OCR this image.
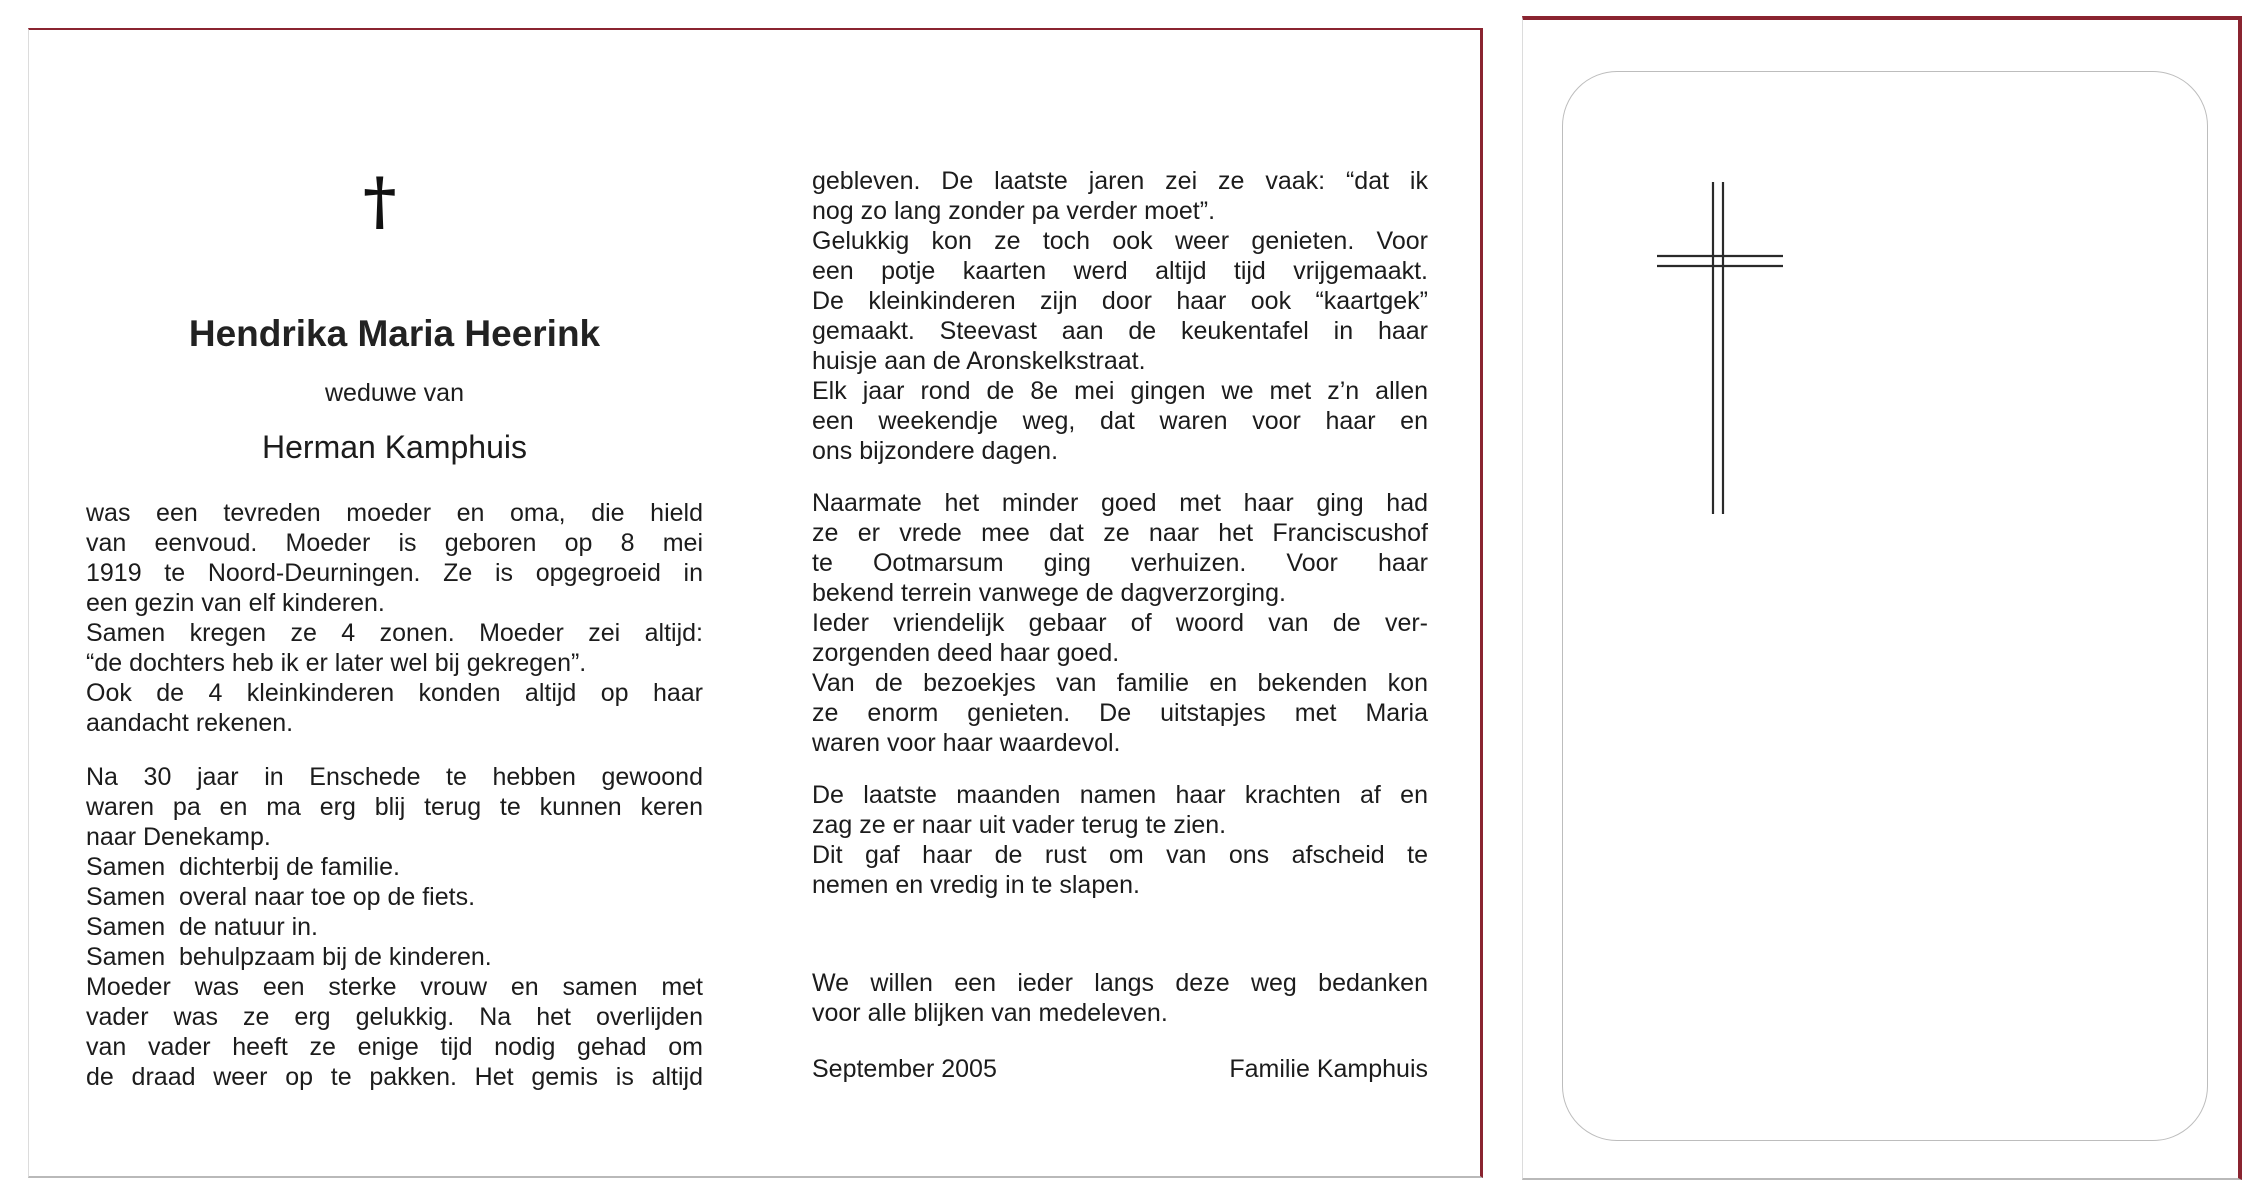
†
Hendrika Maria Heerink
weduwe van
Herman Kamphuis
was een tevreden moeder en oma, die hield
van eenvoud. Moeder is geboren op 8 mei
1919 te Noord-Deurningen. Ze is opgegroeid in
een gezin van elf kinderen.
Samen kregen ze 4 zonen. Moeder zei altijd:
“de dochters heb ik er later wel bij gekregen”.
Ook de 4 kleinkinderen konden altijd op haar
aandacht rekenen.
Na 30 jaar in Enschede te hebben gewoond
waren pa en ma erg blij terug te kunnen keren
naar Denekamp.
Samen dichterbij de familie.
Samen overal naar toe op de fiets.
Samen de natuur in.
Samen behulpzaam bij de kinderen.
Moeder was een sterke vrouw en samen met
vader was ze erg gelukkig. Na het overlijden
van vader heeft ze enige tijd nodig gehad om
de draad weer op te pakken. Het gemis is altijd
gebleven. De laatste jaren zei ze vaak: “dat ik
nog zo lang zonder pa verder moet”.
Gelukkig kon ze toch ook weer genieten. Voor
een potje kaarten werd altijd tijd vrijgemaakt.
De kleinkinderen zijn door haar ook “kaartgek”
gemaakt. Steevast aan de keukentafel in haar
huisje aan de Aronskelkstraat.
Elk jaar rond de 8e mei gingen we met z’n allen
een weekendje weg, dat waren voor haar en
ons bijzondere dagen.
Naarmate het minder goed met haar ging had
ze er vrede mee dat ze naar het Franciscushof
te Ootmarsum ging verhuizen. Voor haar
bekend terrein vanwege de dagverzorging.
Ieder vriendelijk gebaar of woord van de ver-
zorgenden deed haar goed.
Van de bezoekjes van familie en bekenden kon
ze enorm genieten. De uitstapjes met Maria
waren voor haar waardevol.
De laatste maanden namen haar krachten af en
zag ze er naar uit vader terug te zien.
Dit gaf haar de rust om van ons afscheid te
nemen en vredig in te slapen.
We willen een ieder langs deze weg bedanken
voor alle blijken van medeleven.
September 2005	Familie Kamphuis
